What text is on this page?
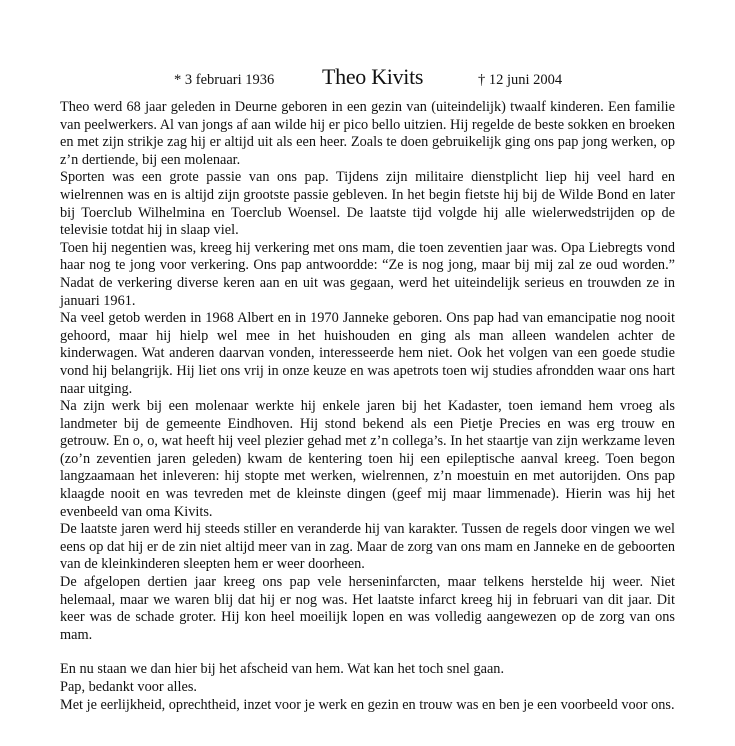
* 3 februari 1936 Theo Kivits	† 12 juni 2004

Theo werd 68 jaar geleden in Deurne geboren in een gezin van (uiteindelijk) twaalf kinderen. Een familie van peelwerkers. Al van jongs af aan wilde hij er pico bello uitzien. Hij regelde de beste sokken en broeken en met zijn strikje zag hij er altijd uit als een heer. Zoals te doen gebruikelijk ging ons pap jong werken, op z’n dertiende, bij een molenaar.

Sporten was een grote passie van ons pap. Tijdens zijn militaire dienstplicht liep hij veel hard en wielrennen was en is altijd zijn grootste passie gebleven. In het begin fietste hij bij de Wilde Bond en later bij Toerclub Wilhelmina en Toerclub Woensel. De laatste tijd volgde hij alle wielerwedstrijden op de televisie totdat hij in slaap viel.

Toen hij negentien was, kreeg hij verkering met ons mam, die toen zeventien jaar was. Opa Liebregts vond haar nog te jong voor verkering. Ons pap antwoordde: “Ze is nog jong, maar bij mij zal ze oud worden.” Nadat de verkering diverse keren aan en uit was gegaan, werd het uiteindelijk serieus en trouwden ze in januari 1961.

Na veel getob werden in 1968 Albert en in 1970 Janneke geboren. Ons pap had van emancipatie nog nooit gehoord, maar hij hielp wel mee in het huishouden en ging als man alleen wandelen achter de kinderwagen. Wat anderen daarvan vonden, interesseerde hem niet. Ook het volgen van een goede studie vond hij belangrijk. Hij liet ons vrij in onze keuze en was apetrots toen wij studies afrondden waar ons hart naar uitging.

Na zijn werk bij een molenaar werkte hij enkele jaren bij het Kadaster, toen iemand hem vroeg als landmeter bij de gemeente Eindhoven. Hij stond bekend als een Pietje Precies en was erg trouw en getrouw. En o, o, wat heeft hij veel plezier gehad met z’n collega’s. In het staartje van zijn werkzame leven (zo’n zeventien jaren geleden) kwam de kentering toen hij een epileptische aanval kreeg. Toen begon langzaamaan het inleveren: hij stopte met werken, wielrennen, z’n moestuin en met autorijden. Ons pap klaagde nooit en was tevreden met de kleinste dingen (geef mij maar limmenade). Hierin was hij het evenbeeld van oma Kivits.

De laatste jaren werd hij steeds stiller en veranderde hij van karakter. Tussen de regels door vingen we wel eens op dat hij er de zin niet altijd meer van in zag. Maar de zorg van ons mam en Janneke en de geboorten van de kleinkinderen sleepten hem er weer doorheen.

De afgelopen dertien jaar kreeg ons pap vele herseninfarcten, maar telkens herstelde hij weer. Niet helemaal, maar we waren blij dat hij er nog was. Het laatste infarct kreeg hij in februari van dit jaar. Dit keer was de schade groter. Hij kon heel moeilijk lopen en was volledig aangewezen op de zorg van ons mam.

En nu staan we dan hier bij het afscheid van hem. Wat kan het toch snel gaan.

Pap, bedankt voor alles.

Met je eerlijkheid, oprechtheid, inzet voor je werk en gezin en trouw was en ben je een voorbeeld voor ons.
